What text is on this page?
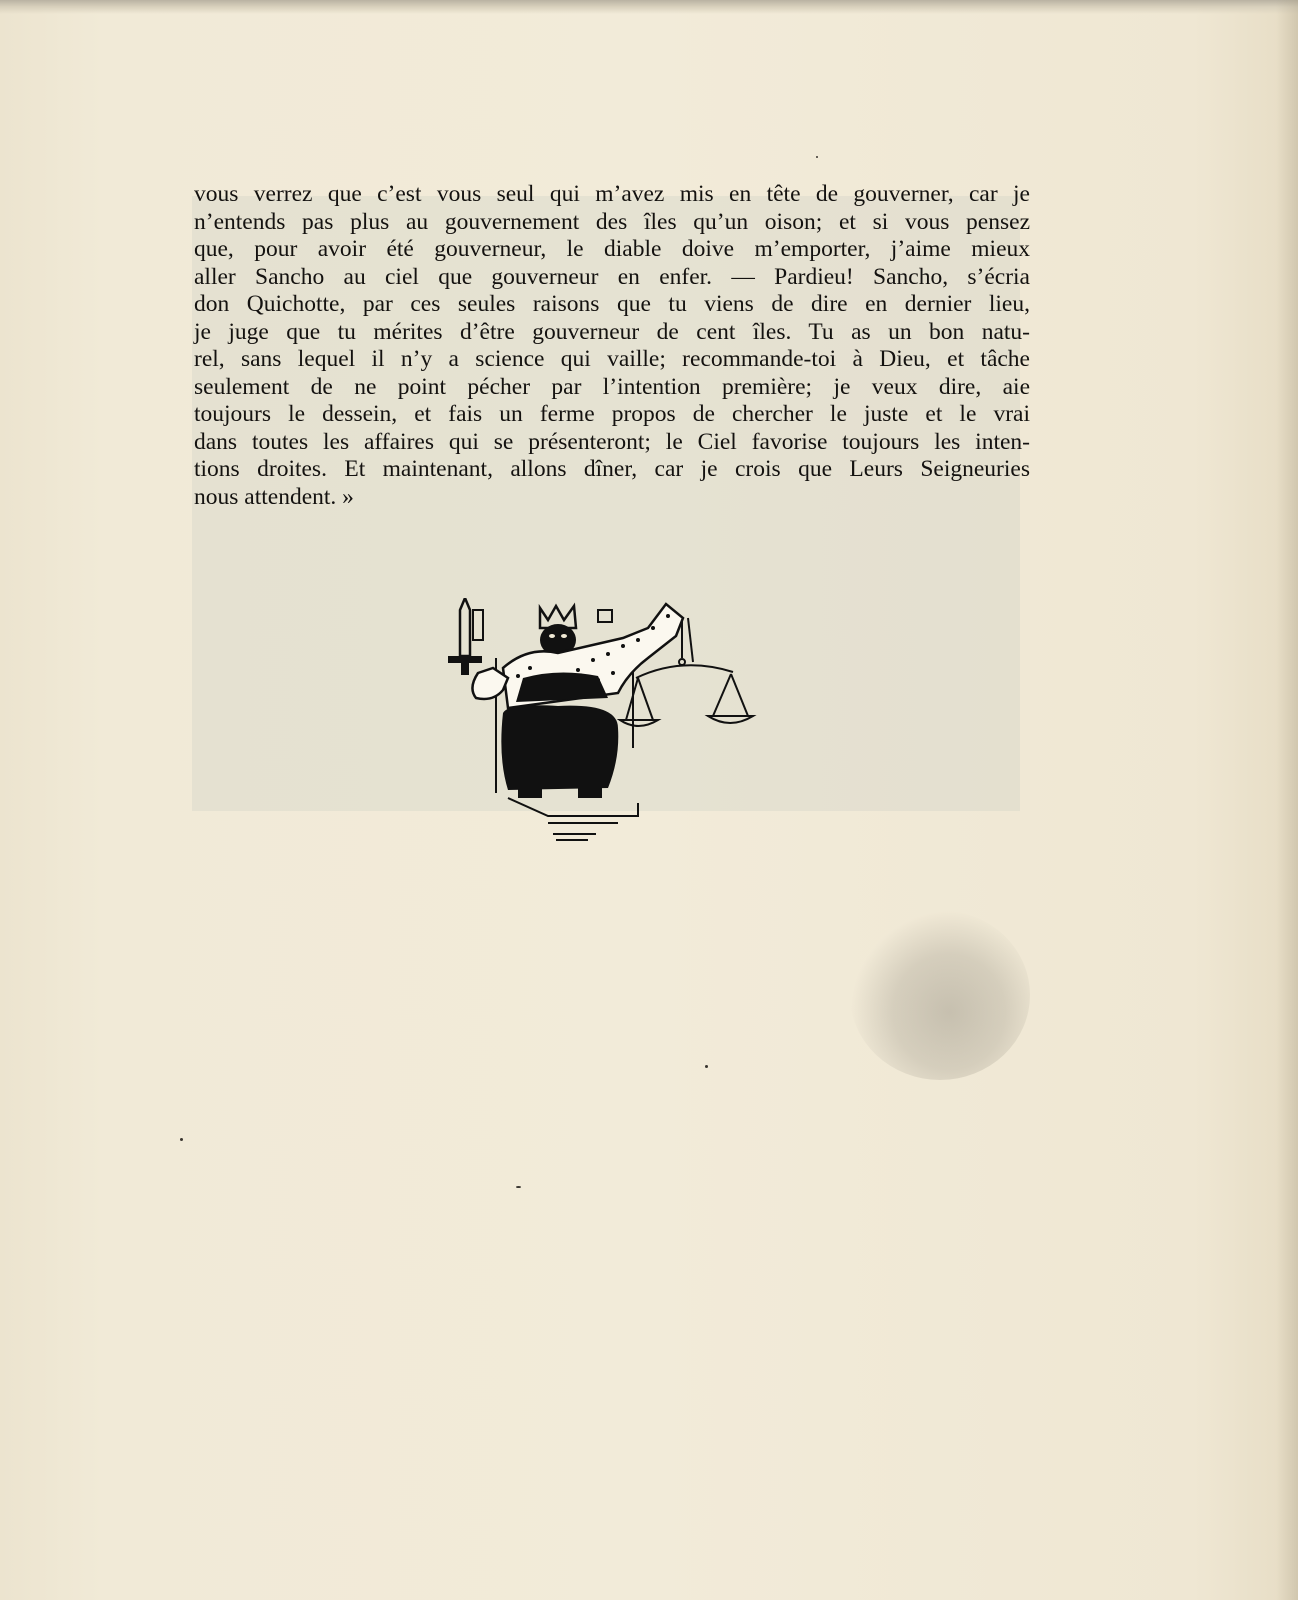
vous verrez que c’est vous seul qui m’avez mis en tête de gouverner, car je
n’entends pas plus au gouvernement des îles qu’un oison; et si vous pensez
que, pour avoir été gouverneur, le diable doive m’emporter, j’aime mieux
aller Sancho au ciel que gouverneur en enfer. — Pardieu! Sancho, s’écria
don Quichotte, par ces seules raisons que tu viens de dire en dernier lieu,
je juge que tu mérites d’être gouverneur de cent îles. Tu as un bon natu-
rel, sans lequel il n’y a science qui vaille; recommande-toi à Dieu, et tâche
seulement de ne point pécher par l’intention première; je veux dire, aie
toujours le dessein, et fais un ferme propos de chercher le juste et le vrai
dans toutes les affaires qui se présenteront; le Ciel favorise toujours les inten-
tions droites. Et maintenant, allons dîner, car je crois que Leurs Seigneuries
nous attendent. »
